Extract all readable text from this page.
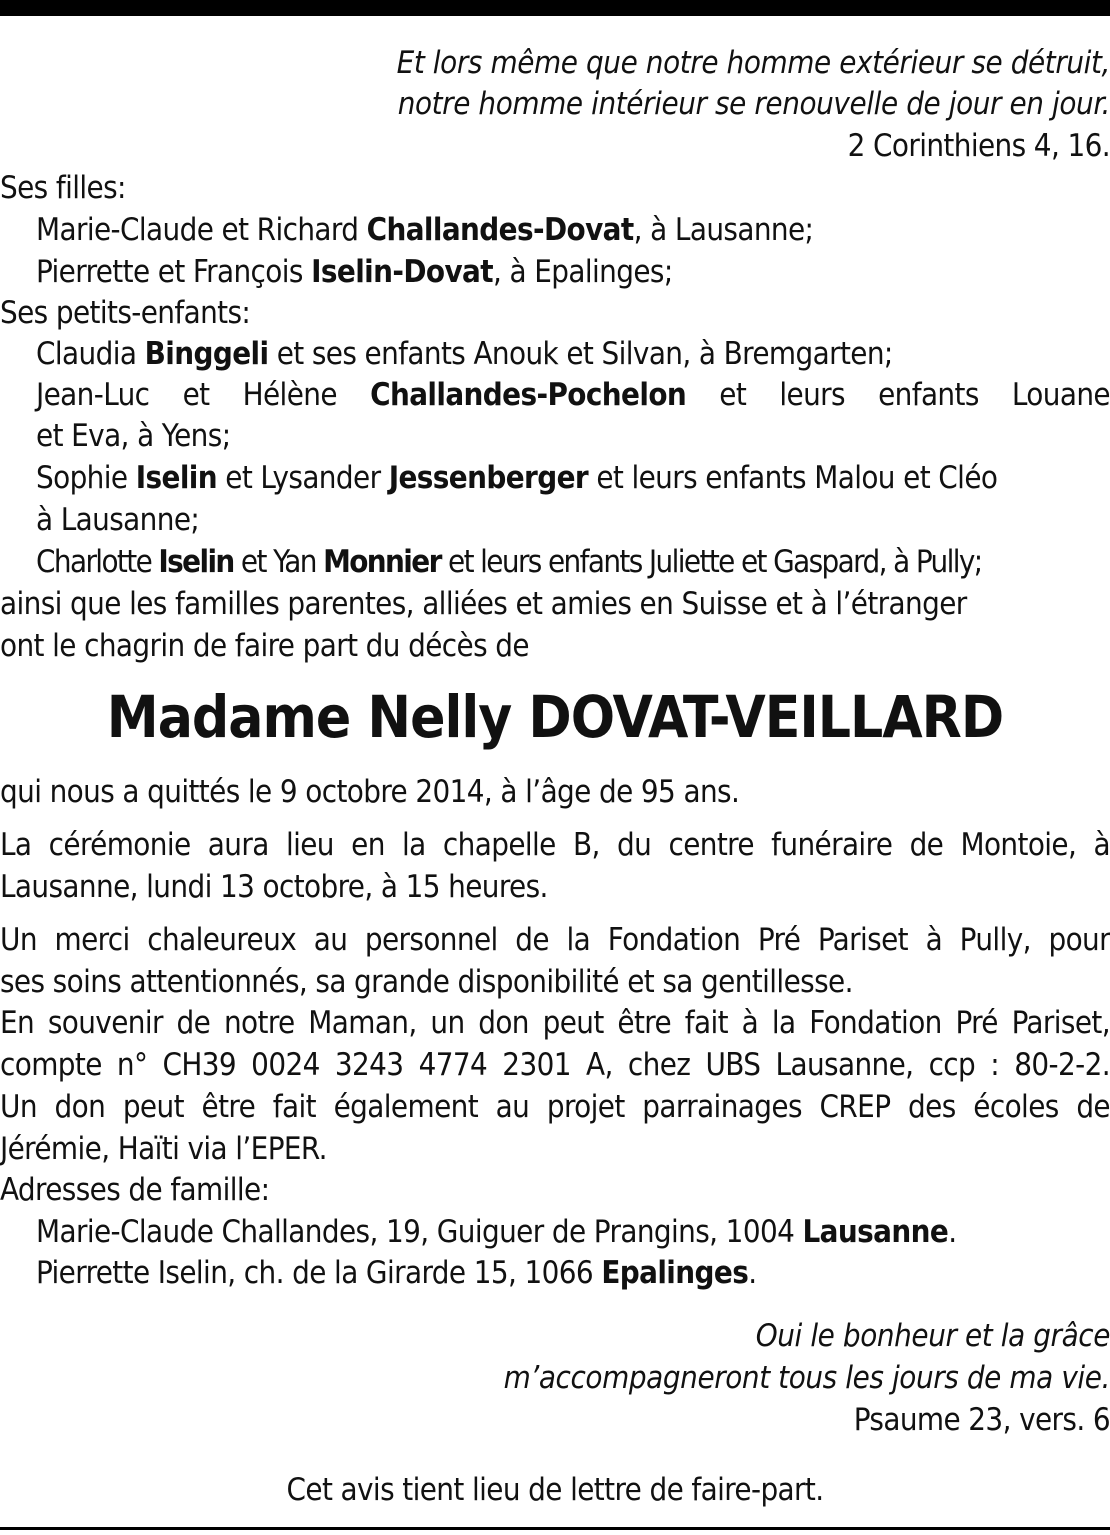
Et lors même que notre homme extérieur se détruit,
notre homme intérieur se renouvelle de jour en jour.
2 Corinthiens 4, 16.
Ses filles:
Marie-Claude et Richard Challandes-Dovat, à Lausanne;
Pierrette et François Iselin-Dovat, à Epalinges;
Ses petits-enfants:
Claudia Binggeli et ses enfants Anouk et Silvan, à Bremgarten;
Jean-Luc et Hélène Challandes-Pochelon et leurs enfants Louane
et Eva, à Yens;
Sophie Iselin et Lysander Jessenberger et leurs enfants Malou et Cléo
à Lausanne;
Charlotte Iselin et Yan Monnier et leurs enfants Juliette et Gaspard, à Pully;
ainsi que les familles parentes, alliées et amies en Suisse et à l’étranger
ont le chagrin de faire part du décès de
Madame Nelly DOVAT-VEILLARD
qui nous a quittés le 9 octobre 2014, à l’âge de 95 ans.
La cérémonie aura lieu en la chapelle B, du centre funéraire de Montoie, à
Lausanne, lundi 13 octobre, à 15 heures.
Un merci chaleureux au personnel de la Fondation Pré Pariset à Pully, pour
ses soins attentionnés, sa grande disponibilité et sa gentillesse.
En souvenir de notre Maman, un don peut être fait à la Fondation Pré Pariset,
compte n° CH39 0024 3243 4774 2301 A, chez UBS Lausanne, ccp : 80-2-2.
Un don peut être fait également au projet parrainages CREP des écoles de
Jérémie, Haïti via l’EPER.
Adresses de famille:
Marie-Claude Challandes, 19, Guiguer de Prangins, 1004 Lausanne.
Pierrette Iselin, ch. de la Girarde 15, 1066 Epalinges.
Oui le bonheur et la grâce
m’accompagneront tous les jours de ma vie.
Psaume 23, vers. 6
Cet avis tient lieu de lettre de faire-part.
